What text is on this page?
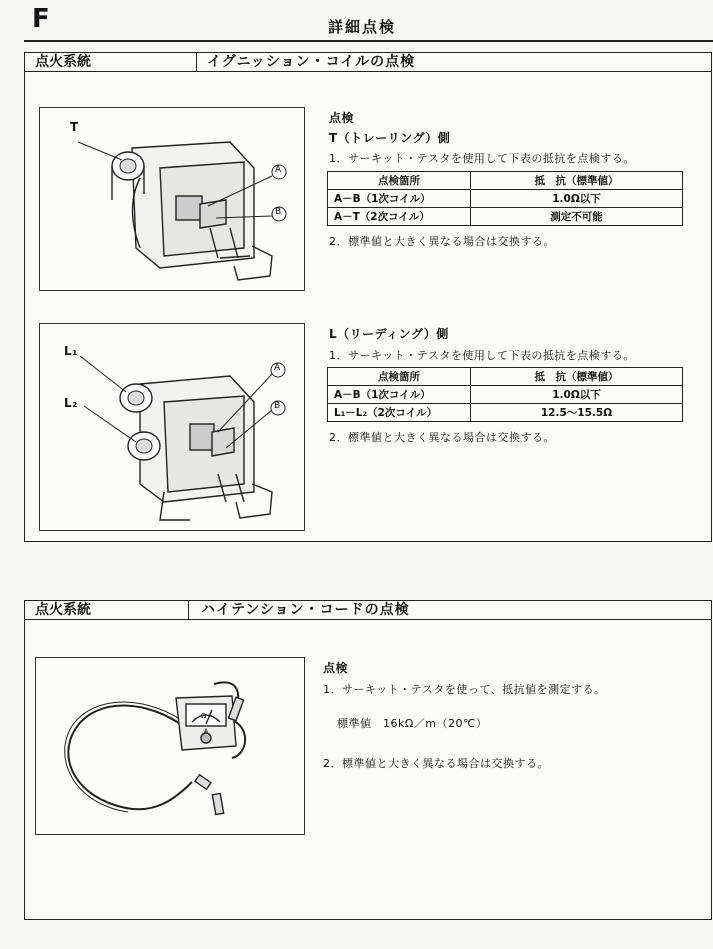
F	詳細点検
点火系統	イグニッション・コイルの点検
T
A
B
点検
T（トレーリング）側
1．サーキット・テスタを使用して下表の抵抗を点検する。
点検箇所	抵　抗（標準値）
A－B（1次コイル）	1.0Ω以下
A－T（2次コイル）	測定不可能
2．標準値と大きく異なる場合は交換する。
L₁
L₂
A
B
L（リーディング）側
1．サーキット・テスタを使用して下表の抵抗を点検する。
点検箇所	抵　抗（標準値）
A－B（1次コイル）	1.0Ω以下
L₁－L₂（2次コイル）	12.5～15.5Ω
2．標準値と大きく異なる場合は交換する。
点火系統	ハイテンション・コードの点検
Ω
A
点検
1．サーキット・テスタを使って、抵抗値を測定する。
標準値　16kΩ／m（20℃）
2．標準値と大きく異なる場合は交換する。
